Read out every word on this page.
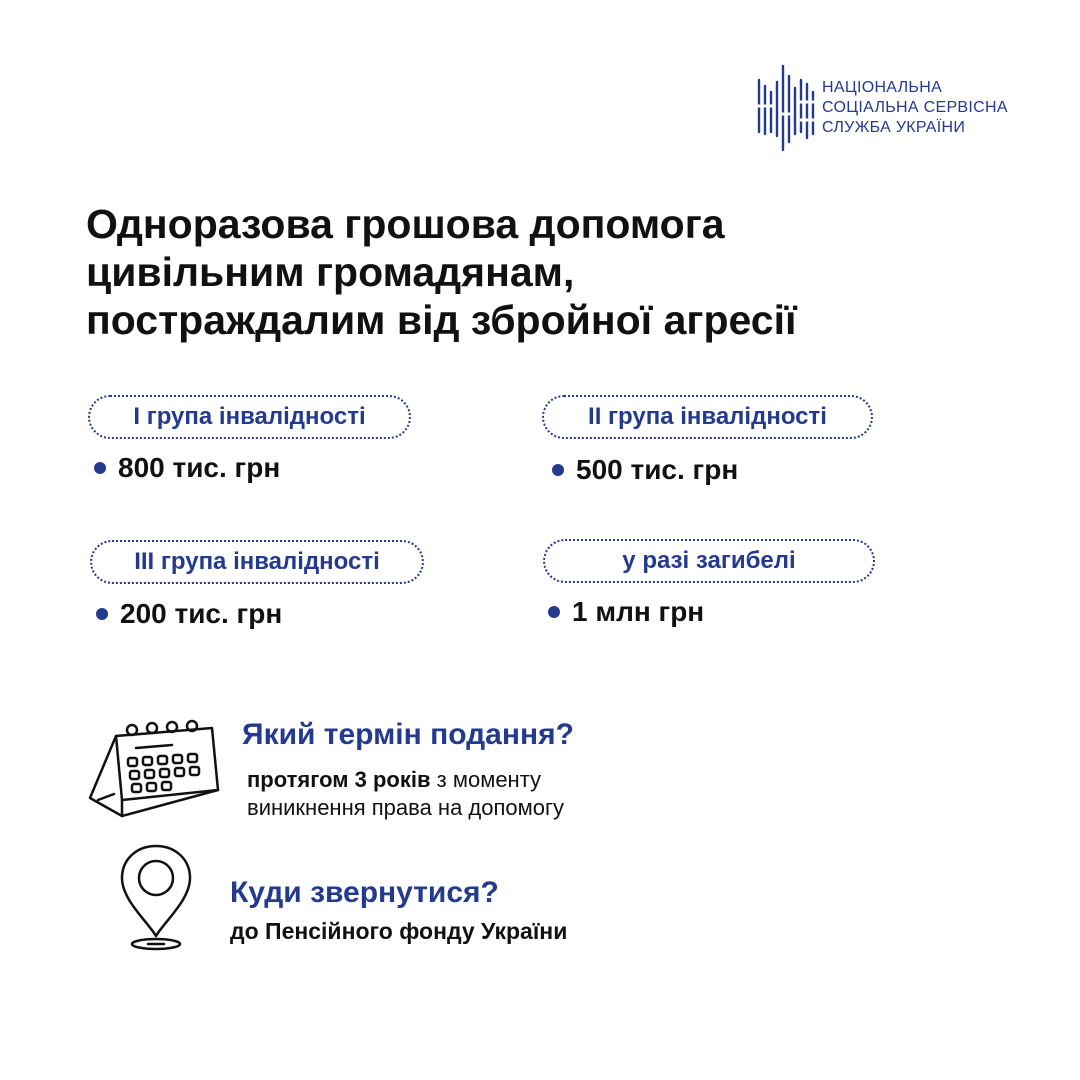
НАЦІОНАЛЬНА
СОЦІАЛЬНА СЕРВІСНА
СЛУЖБА УКРАЇНИ
Одноразова грошова допомога
цивільним громадянам,
постраждалим від збройної агресії
І група інвалідності
800 тис. грн
ІІ група інвалідності
500 тис. грн
ІІІ група інвалідності
200 тис. грн
у разі загибелі
1 млн грн
Який термін подання?
протягом 3 років з моменту
виникнення права на допомогу
Куди звернутися?
до Пенсійного фонду України
